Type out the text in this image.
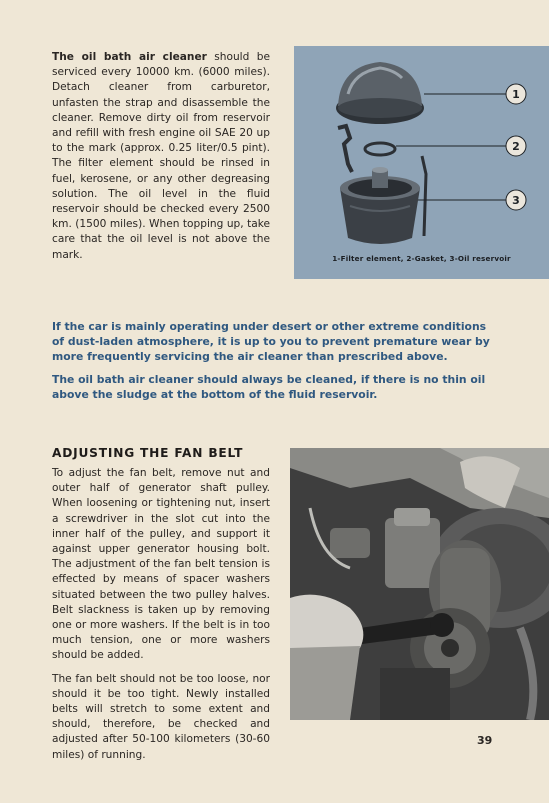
The oil bath air cleaner should be serviced every 10000 km. (6000 miles). Detach cleaner from carburetor, unfasten the strap and disassemble the cleaner. Remove dirty oil from reservoir and refill with fresh engine oil SAE 20 up to the mark (approx. 0.25 liter/0.5 pint). The filter element should be rinsed in fuel, kerosene, or any other degreasing solution. The oil level in the fluid reservoir should be checked every 2500 km. (1500 miles). When topping up, take care that the oil level is not above the mark.
1
2
3
1-Filter element, 2-Gasket, 3-Oil reservoir
If the car is mainly operating under desert or other extreme conditions of dust-laden atmosphere, it is up to you to prevent premature wear by more frequently servicing the air cleaner than prescribed above.
The oil bath air cleaner should always be cleaned, if there is no thin oil above the sludge at the bottom of the fluid reservoir.
ADJUSTING THE FAN BELT

To adjust the fan belt, remove nut and outer half of generator shaft pulley. When loosening or tightening nut, insert a screwdriver in the slot cut into the inner half of the pulley, and support it against upper generator housing bolt. The adjustment of the fan belt tension is effected by means of spacer washers situated between the two pulley halves. Belt slackness is taken up by removing one or more washers. If the belt is in too much tension, one or more washers should be added.

The fan belt should not be too loose, nor should it be too tight. Newly installed belts will stretch to some extent and should, therefore, be checked and adjusted after 50-100 kilometers (30-60 miles) of running.

39
